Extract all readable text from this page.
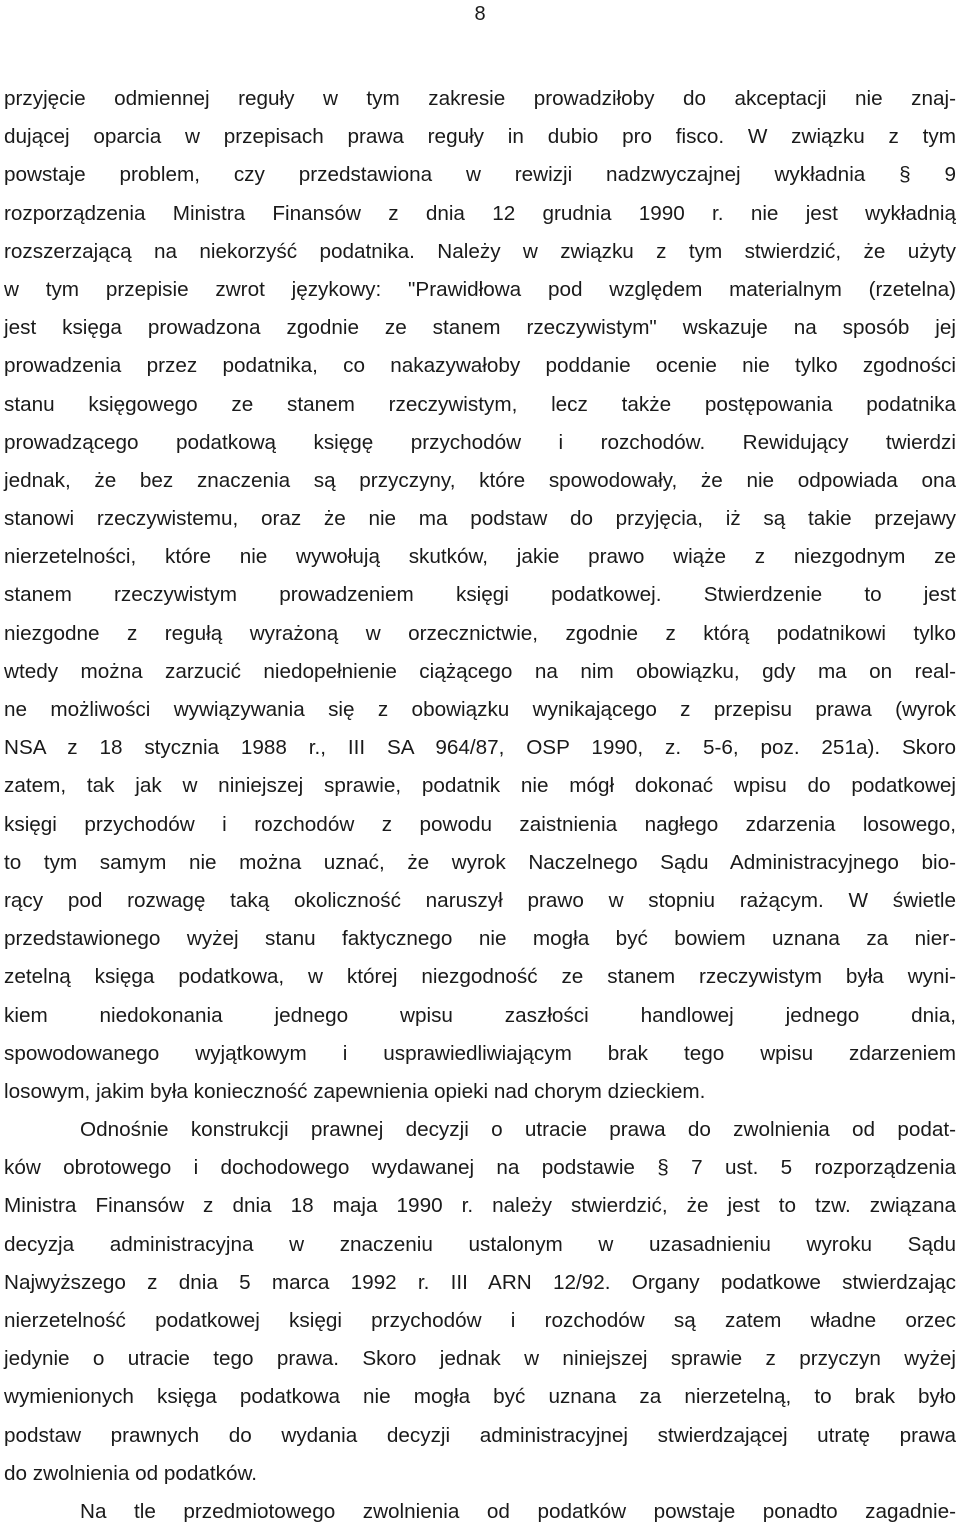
8
przyjęcie odmiennej reguły w tym zakresie prowadziłoby do akceptacji nie znaj-
dującej oparcia w przepisach prawa reguły in dubio pro fisco. W związku z tym
powstaje problem, czy przedstawiona w rewizji nadzwyczajnej wykładnia § 9
rozporządzenia Ministra Finansów z dnia 12 grudnia 1990 r. nie jest wykładnią
rozszerzającą na niekorzyść podatnika. Należy w związku z tym stwierdzić, że użyty
w tym przepisie zwrot językowy: "Prawidłowa pod względem materialnym (rzetelna)
jest księga prowadzona zgodnie ze stanem rzeczywistym" wskazuje na sposób jej
prowadzenia przez podatnika, co nakazywałoby poddanie ocenie nie tylko zgodności
stanu księgowego ze stanem rzeczywistym, lecz także postępowania podatnika
prowadzącego podatkową księgę przychodów i rozchodów. Rewidujący twierdzi
jednak, że bez znaczenia są przyczyny, które spowodowały, że nie odpowiada ona
stanowi rzeczywistemu, oraz że nie ma podstaw do przyjęcia, iż są takie przejawy
nierzetelności, które nie wywołują skutków, jakie prawo wiąże z niezgodnym ze
stanem rzeczywistym prowadzeniem księgi podatkowej. Stwierdzenie to jest
niezgodne z regułą wyrażoną w orzecznictwie, zgodnie z którą podatnikowi tylko
wtedy można zarzucić niedopełnienie ciążącego na nim obowiązku, gdy ma on real-
ne możliwości wywiązywania się z obowiązku wynikającego z przepisu prawa (wyrok
NSA z 18 stycznia 1988 r., III SA 964/87, OSP 1990, z. 5-6, poz. 251a). Skoro
zatem, tak jak w niniejszej sprawie, podatnik nie mógł dokonać wpisu do podatkowej
księgi przychodów i rozchodów z powodu zaistnienia nagłego zdarzenia losowego,
to tym samym nie można uznać, że wyrok Naczelnego Sądu Administracyjnego bio-
rący pod rozwagę taką okoliczność naruszył prawo w stopniu rażącym. W świetle
przedstawionego wyżej stanu faktycznego nie mogła być bowiem uznana za nier-
zetelną księga podatkowa, w której niezgodność ze stanem rzeczywistym była wyni-
kiem niedokonania jednego wpisu zaszłości handlowej jednego dnia,
spowodowanego wyjątkowym i usprawiedliwiającym brak tego wpisu zdarzeniem
losowym, jakim była konieczność zapewnienia opieki nad chorym dzieckiem.
Odnośnie konstrukcji prawnej decyzji o utracie prawa do zwolnienia od podat-
ków obrotowego i dochodowego wydawanej na podstawie § 7 ust. 5 rozporządzenia
Ministra Finansów z dnia 18 maja 1990 r. należy stwierdzić, że jest to tzw. związana
decyzja administracyjna w znaczeniu ustalonym w uzasadnieniu wyroku Sądu
Najwyższego z dnia 5 marca 1992 r. III ARN 12/92. Organy podatkowe stwierdzając
nierzetelność podatkowej księgi przychodów i rozchodów są zatem władne orzec
jedynie o utracie tego prawa. Skoro jednak w niniejszej sprawie z przyczyn wyżej
wymienionych księga podatkowa nie mogła być uznana za nierzetelną, to brak było
podstaw prawnych do wydania decyzji administracyjnej stwierdzającej utratę prawa
do zwolnienia od podatków.
Na tle przedmiotowego zwolnienia od podatków powstaje ponadto zagadnie-
